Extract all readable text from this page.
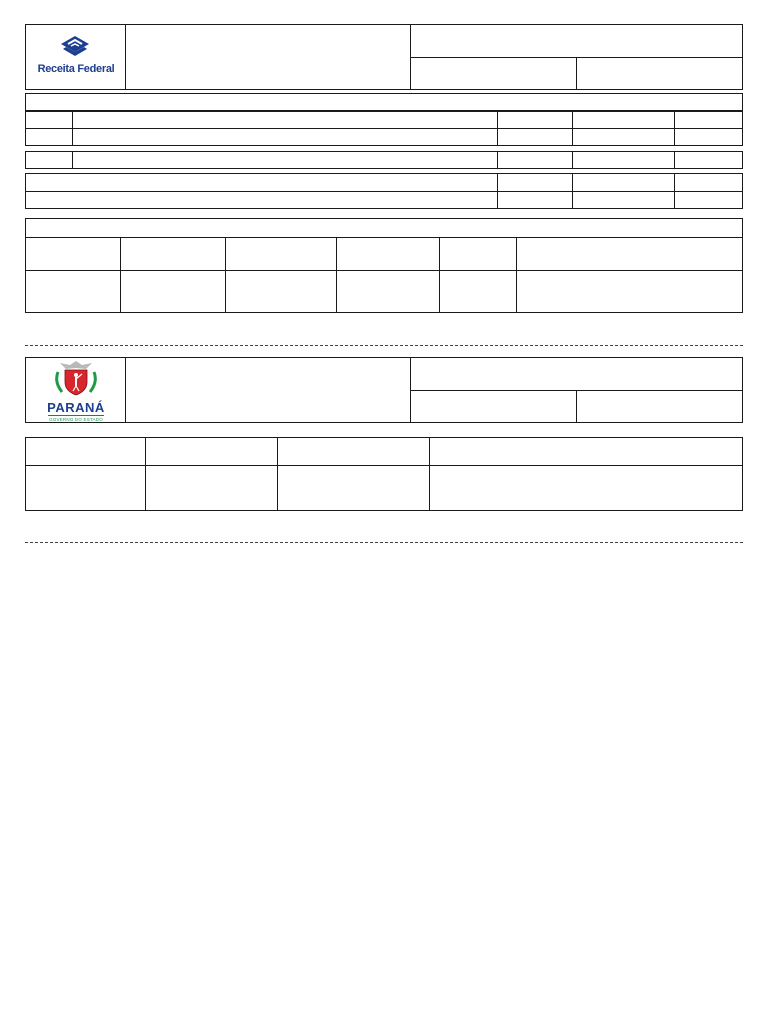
Receita Federal
PARANÁ
GOVERNO DO ESTADO
